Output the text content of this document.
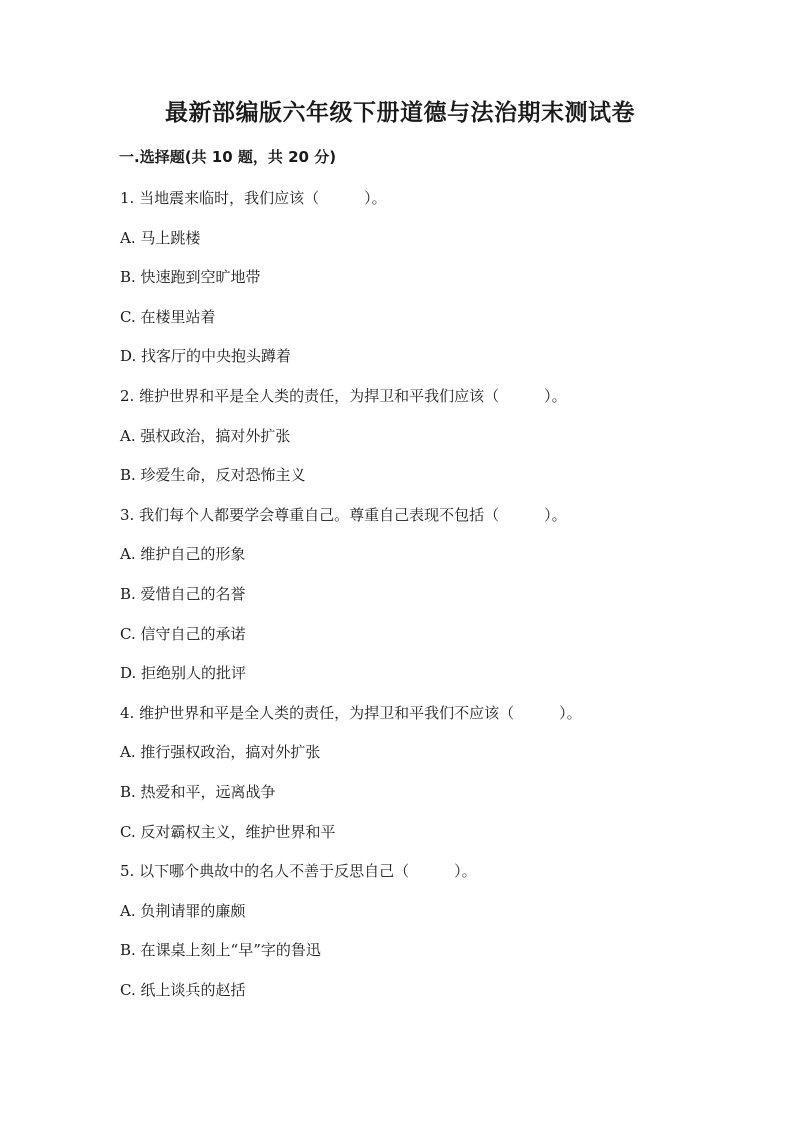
最新部编版六年级下册道德与法治期末测试卷
一.选择题(共 10 题，共 20 分)
1. 当地震来临时，我们应该（　　　）。
A. 马上跳楼
B. 快速跑到空旷地带
C. 在楼里站着
D. 找客厅的中央抱头蹲着
2. 维护世界和平是全人类的责任，为捍卫和平我们应该（　　　）。
A. 强权政治，搞对外扩张
B. 珍爱生命，反对恐怖主义
3. 我们每个人都要学会尊重自己。尊重自己表现不包括（　　　）。
A. 维护自己的形象
B. 爱惜自己的名誉
C. 信守自己的承诺
D. 拒绝别人的批评
4. 维护世界和平是全人类的责任，为捍卫和平我们不应该（　　　）。
A. 推行强权政治，搞对外扩张
B. 热爱和平，远离战争
C. 反对霸权主义，维护世界和平
5. 以下哪个典故中的名人不善于反思自己（　　　）。
A. 负荆请罪的廉颇
B. 在课桌上刻上“早”字的鲁迅
C. 纸上谈兵的赵括
